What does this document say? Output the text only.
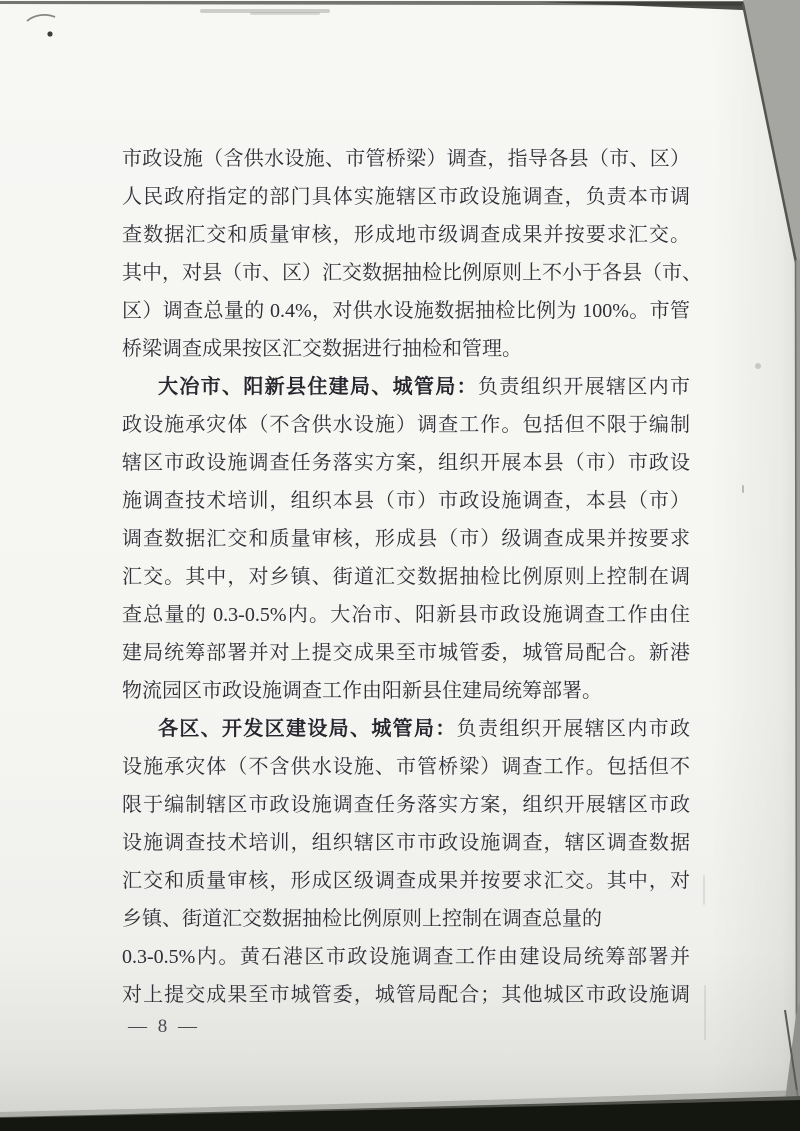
市政设施（含供水设施、市管桥梁）调查，指导各县（市、区）
人民政府指定的部门具体实施辖区市政设施调查，负责本市调
查数据汇交和质量审核，形成地市级调查成果并按要求汇交。
其中，对县（市、区）汇交数据抽检比例原则上不小于各县（市、
区）调查总量的 0.4%，对供水设施数据抽检比例为 100%。市管
桥梁调查成果按区汇交数据进行抽检和管理。
大冶市、阳新县住建局、城管局：负责组织开展辖区内市
政设施承灾体（不含供水设施）调查工作。包括但不限于编制
辖区市政设施调查任务落实方案，组织开展本县（市）市政设
施调查技术培训，组织本县（市）市政设施调查，本县（市）
调查数据汇交和质量审核，形成县（市）级调查成果并按要求
汇交。其中，对乡镇、街道汇交数据抽检比例原则上控制在调
查总量的 0.3-0.5%内。大冶市、阳新县市政设施调查工作由住
建局统筹部署并对上提交成果至市城管委，城管局配合。新港
物流园区市政设施调查工作由阳新县住建局统筹部署。
各区、开发区建设局、城管局：负责组织开展辖区内市政
设施承灾体（不含供水设施、市管桥梁）调查工作。包括但不
限于编制辖区市政设施调查任务落实方案，组织开展辖区市政
设施调查技术培训，组织辖区市市政设施调查，辖区调查数据
汇交和质量审核，形成区级调查成果并按要求汇交。其中，对
乡镇、街道汇交数据抽检比例原则上控制在调查总量的
0.3-0.5%内。黄石港区市政设施调查工作由建设局统筹部署并
对上提交成果至市城管委，城管局配合；其他城区市政设施调
— 8 —
